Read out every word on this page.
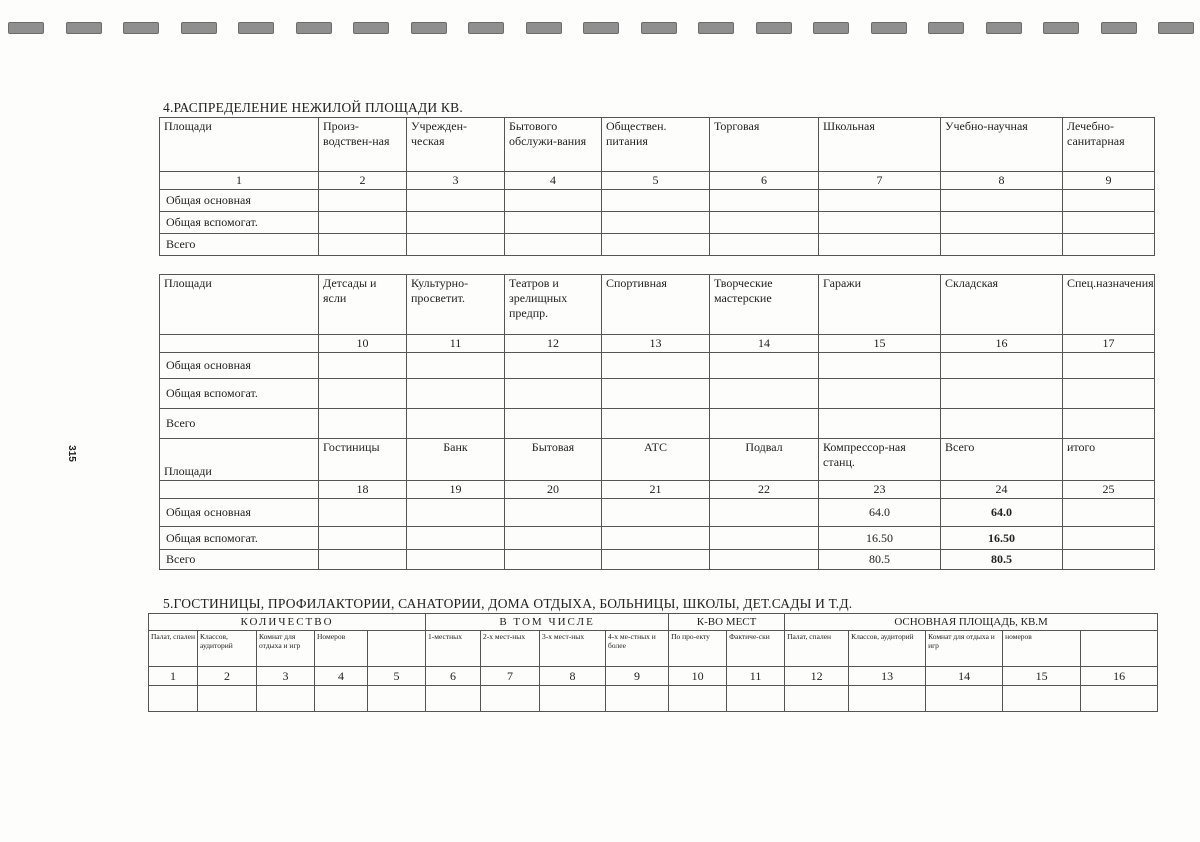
315
4.РАСПРЕДЕЛЕНИЕ НЕЖИЛОЙ ПЛОЩАДИ КВ.
Площади	Произ-водствен-ная	Учрежден-ческая	Бытового обслужи-вания	Обществен. питания	Торговая	Школьная	Учебно-научная	Лечебно-санитарная
1	2	3	4	5	6	7	8	9
Общая основная								
Общая вспомогат.								
Всего								
Площади	Детсады и ясли	Культурно-просветит.	Театров и зрелищных предпр.	Спортивная	Творческие мастерские	Гаражи	Складская	Спец.назначения
	10	11	12	13	14	15	16	17
Общая основная								
Общая вспомогат.								
Всего								
Площади	Гостиницы	Банк	Бытовая	АТС	Подвал	Компрессор-ная станц.	Всего	итого
	18	19	20	21	22	23	24	25
Общая основная						64.0	64.0	
Общая вспомогат.						16.50	16.50	
Всего						80.5	80.5	
5.ГОСТИНИЦЫ, ПРОФИЛАКТОРИИ, САНАТОРИИ, ДОМА ОТДЫХА, БОЛЬНИЦЫ, ШКОЛЫ, ДЕТ.САДЫ И Т.Д.
КОЛИЧЕСТВО					В ТОМ ЧИСЛЕ				К-ВО МЕСТ		ОСНОВНАЯ ПЛОЩАДЬ, КВ.М				
Палат, спален	Классов, аудиторий	Комнат для отдыха и игр	Номеров		1-местных	2-х мест-ных	3-х мест-ных	4-х ме-стных и более	По про-екту	Фактиче-ски	Палат, спален	Классов, аудиторий	Комнат для отдыха и игр	номеров	
1	2	3	4	5	6	7	8	9	10	11	12	13	14	15	16
